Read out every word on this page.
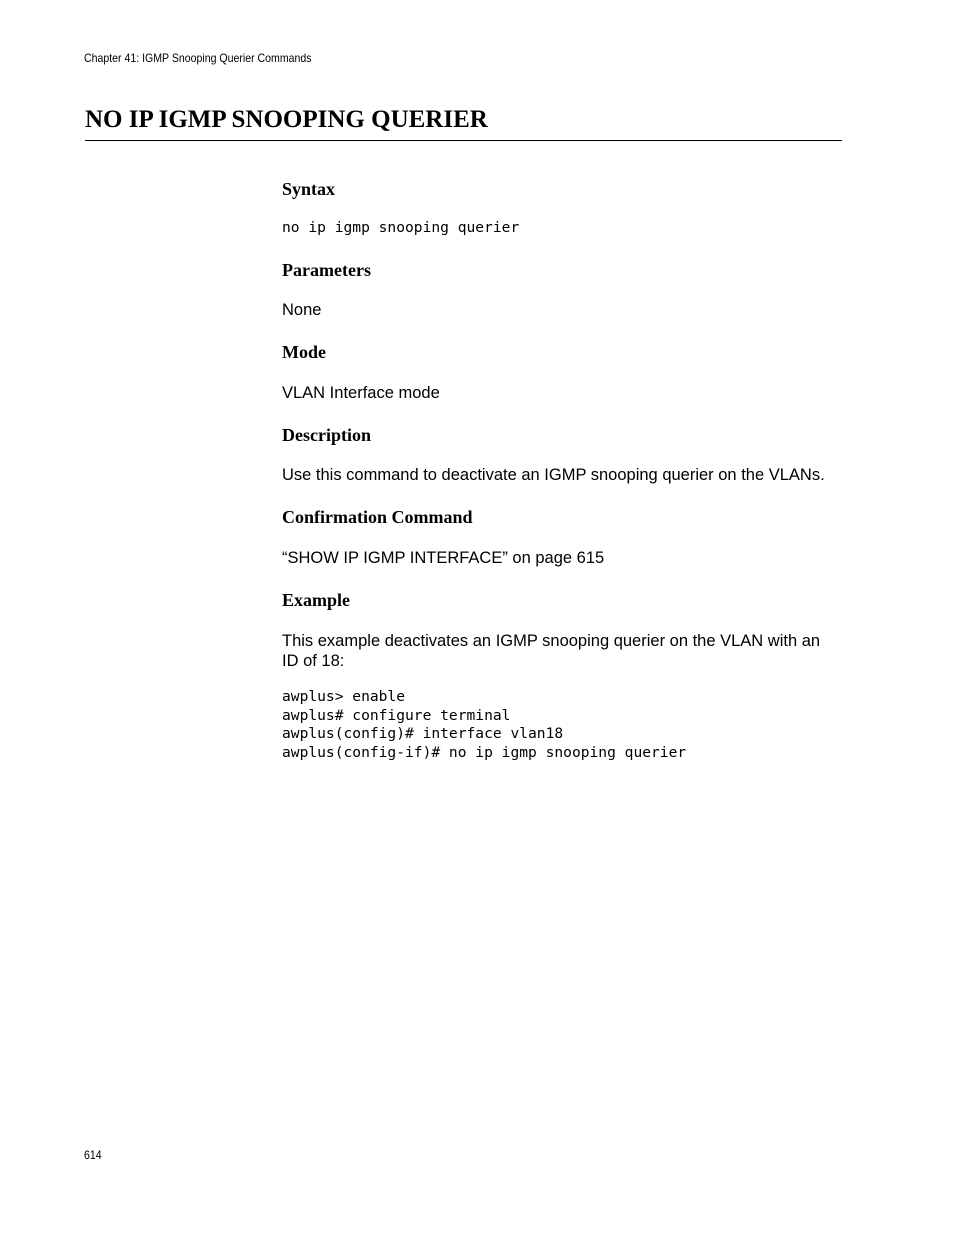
Chapter 41: IGMP Snooping Querier Commands
NO IP IGMP SNOOPING QUERIER
Syntax
no ip igmp snooping querier
Parameters
None
Mode
VLAN Interface mode
Description
Use this command to deactivate an IGMP snooping querier on the VLANs.
Confirmation Command
“SHOW IP IGMP INTERFACE” on page 615
Example
This example deactivates an IGMP snooping querier on the VLAN with an
ID of 18:
awplus> enable
awplus# configure terminal
awplus(config)# interface vlan18
awplus(config-if)# no ip igmp snooping querier
614
